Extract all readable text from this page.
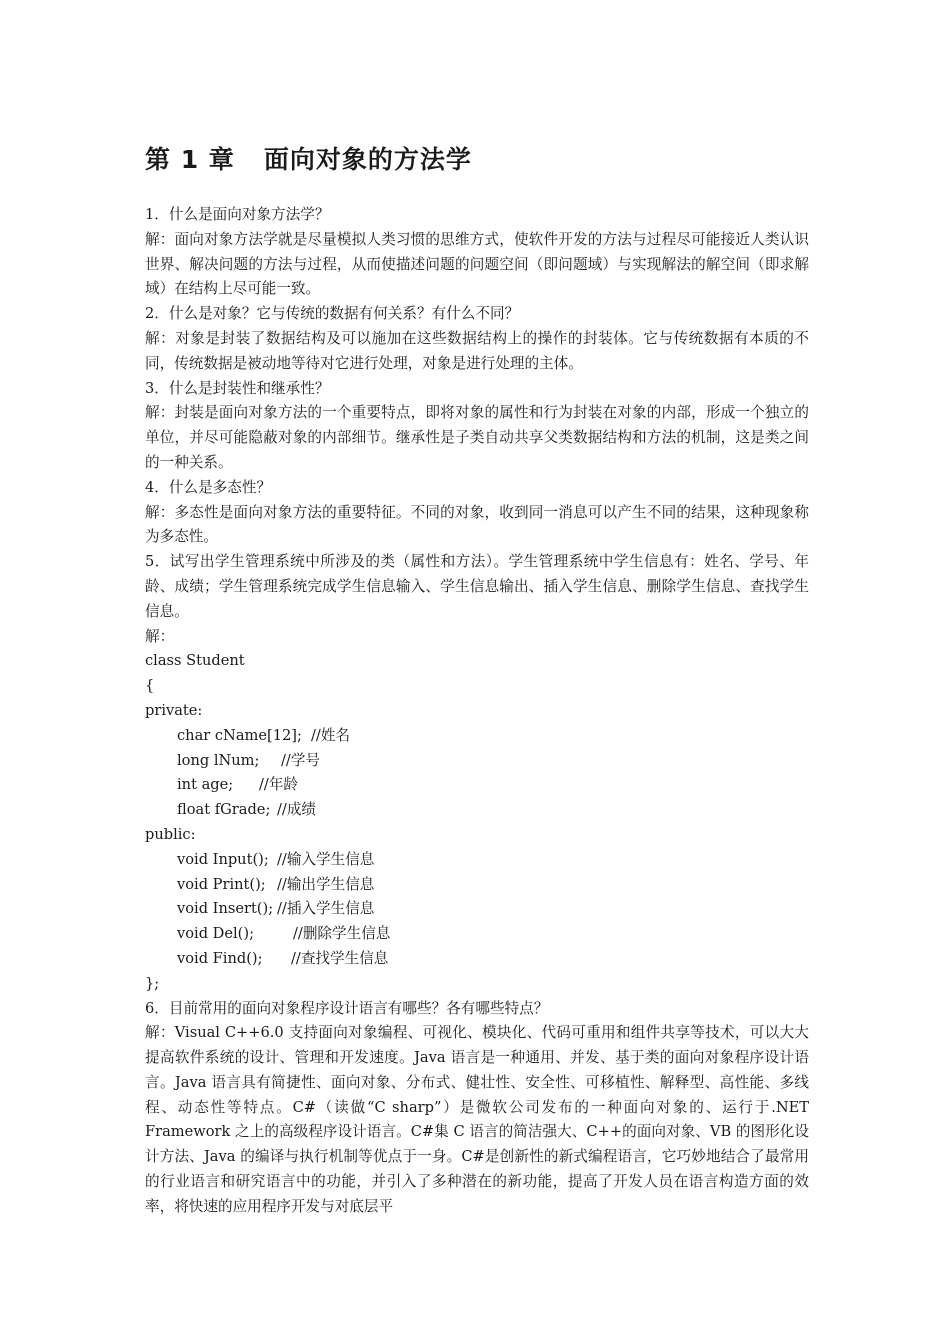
第 1 章   面向对象的方法学

1．什么是面向对象方法学？

解：面向对象方法学就是尽量模拟人类习惯的思维方式，使软件开发的方法与过程尽可能接近人类认识世界、解决问题的方法与过程，从而使描述问题的问题空间（即问题域）与实现解法的解空间（即求解域）在结构上尽可能一致。

2．什么是对象？它与传统的数据有何关系？有什么不同？

解：对象是封装了数据结构及可以施加在这些数据结构上的操作的封装体。它与传统数据有本质的不同，传统数据是被动地等待对它进行处理，对象是进行处理的主体。

3．什么是封装性和继承性？

解：封装是面向对象方法的一个重要特点，即将对象的属性和行为封装在对象的内部，形成一个独立的单位，并尽可能隐蔽对象的内部细节。继承性是子类自动共享父类数据结构和方法的机制，这是类之间的一种关系。

4．什么是多态性？

解：多态性是面向对象方法的重要特征。不同的对象，收到同一消息可以产生不同的结果，这种现象称为多态性。

5．试写出学生管理系统中所涉及的类（属性和方法）。学生管理系统中学生信息有：姓名、学号、年龄、成绩；学生管理系统完成学生信息输入、学生信息输出、插入学生信息、删除学生信息、查找学生信息。

解：

class Student

{

private:

char cName[12]; //姓名

long lNum; //学号

int age; //年龄

float fGrade; //成绩

public:

void Input(); //输入学生信息

void Print(); //输出学生信息

void Insert(); //插入学生信息

void Del();	//删除学生信息

void Find(); //查找学生信息

};

6．目前常用的面向对象程序设计语言有哪些？各有哪些特点？

解：Visual C++6.0 支持面向对象编程、可视化、模块化、代码可重用和组件共享等技术，可以大大提高软件系统的设计、管理和开发速度。Java 语言是一种通用、并发、基于类的面向对象程序设计语言。Java 语言具有简捷性、面向对象、分布式、健壮性、安全性、可移植性、解释型、高性能、多线程、动态性等特点。C#（读做“C sharp”）是微软公司发布的一种面向对象的、运行于.NET Framework 之上的高级程序设计语言。C#集 C 语言的简洁强大、C++的面向对象、VB 的图形化设计方法、Java 的编译与执行机制等优点于一身。C#是创新性的新式编程语言，它巧妙地结合了最常用的行业语言和研究语言中的功能，并引入了多种潜在的新功能，提高了开发人员在语言构造方面的效率，将快速的应用程序开发与对底层平
